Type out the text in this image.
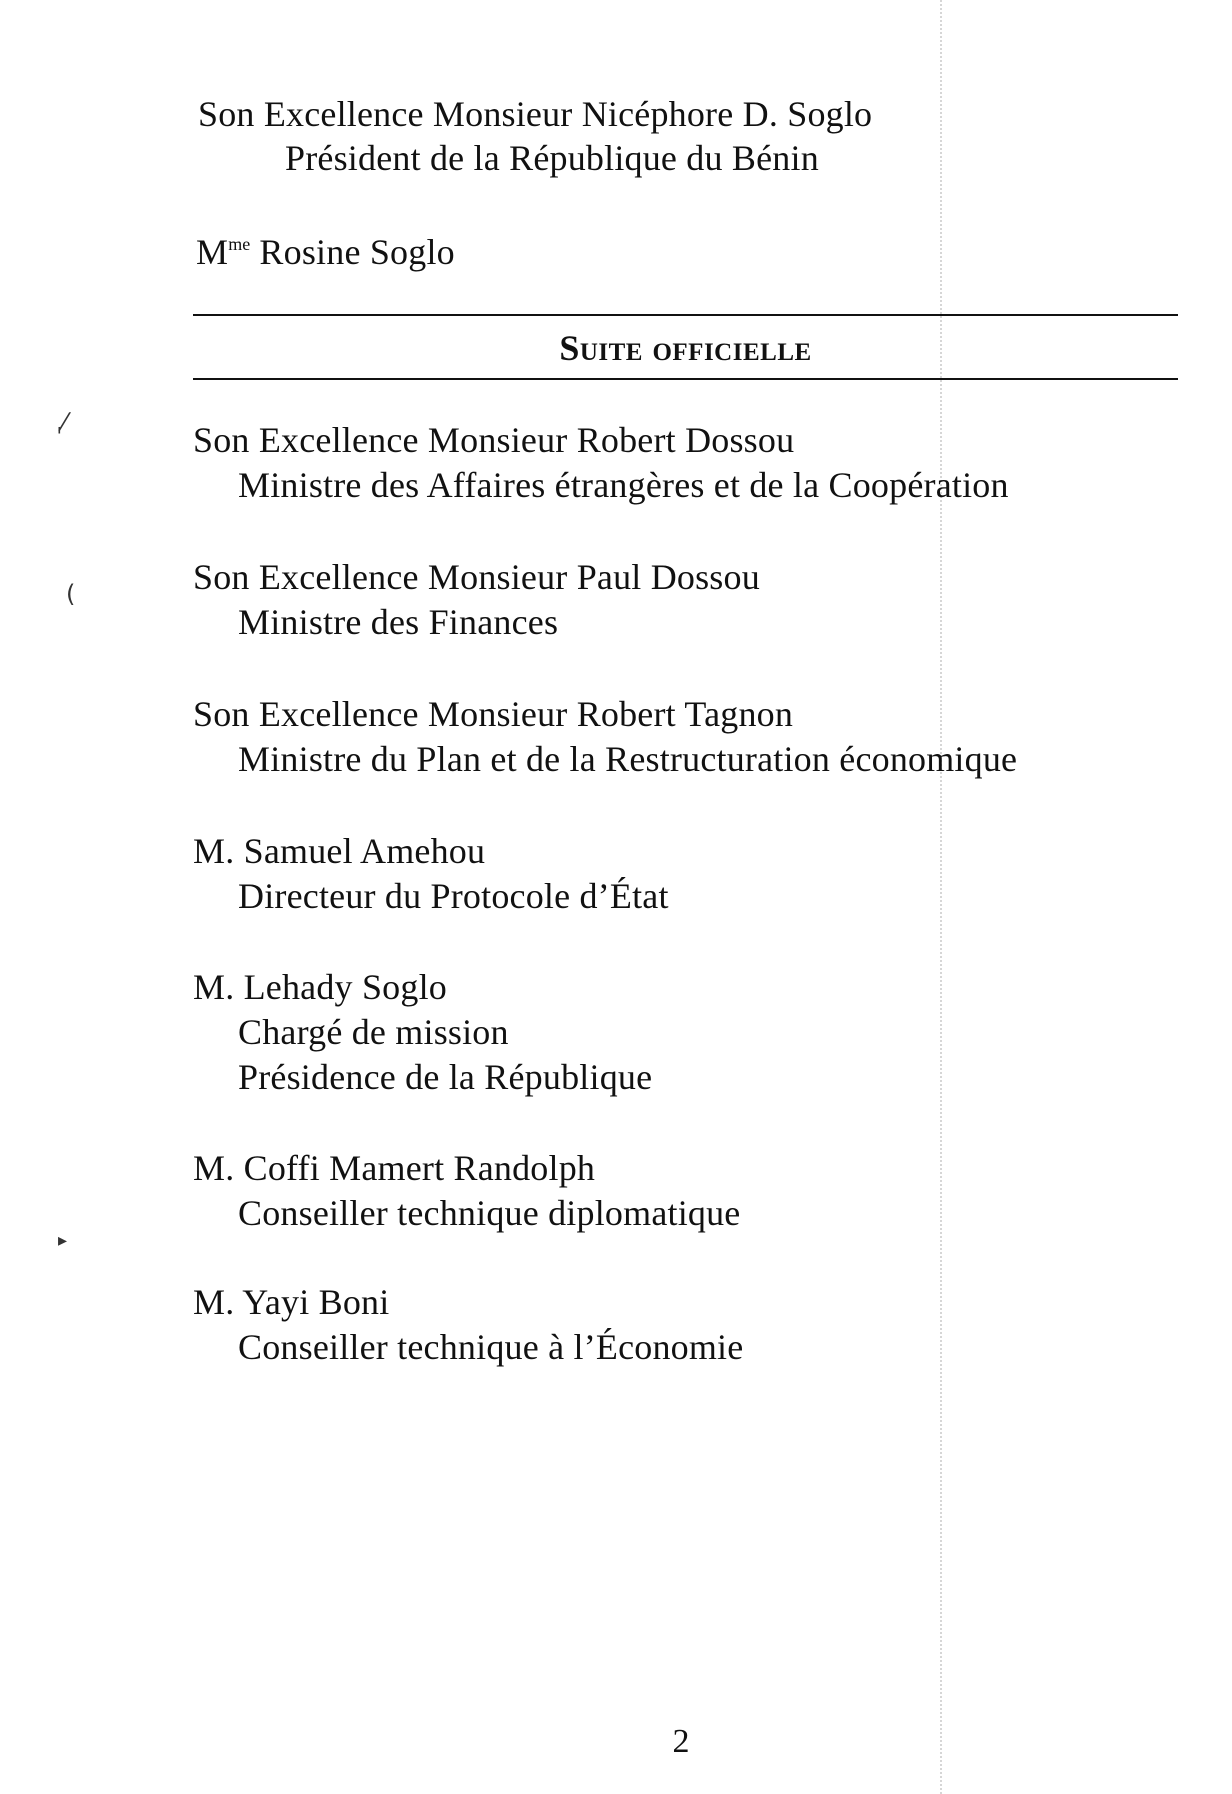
ˌ⁄
(
▸
Son Excellence Monsieur Nicéphore D. Soglo
Président de la République du Bénin
$M^{me}$ Rosine Soglo
Suite officielle
Son Excellence Monsieur Robert Dossou
Ministre des Affaires étrangères et de la Coopération
Son Excellence Monsieur Paul Dossou
Ministre des Finances
Son Excellence Monsieur Robert Tagnon
Ministre du Plan et de la Restructuration économique
M. Samuel Amehou
Directeur du Protocole d’État
M. Lehady Soglo
Chargé de mission
Présidence de la République
M. Coffi Mamert Randolph
Conseiller technique diplomatique
M. Yayi Boni
Conseiller technique à l’Économie
2
